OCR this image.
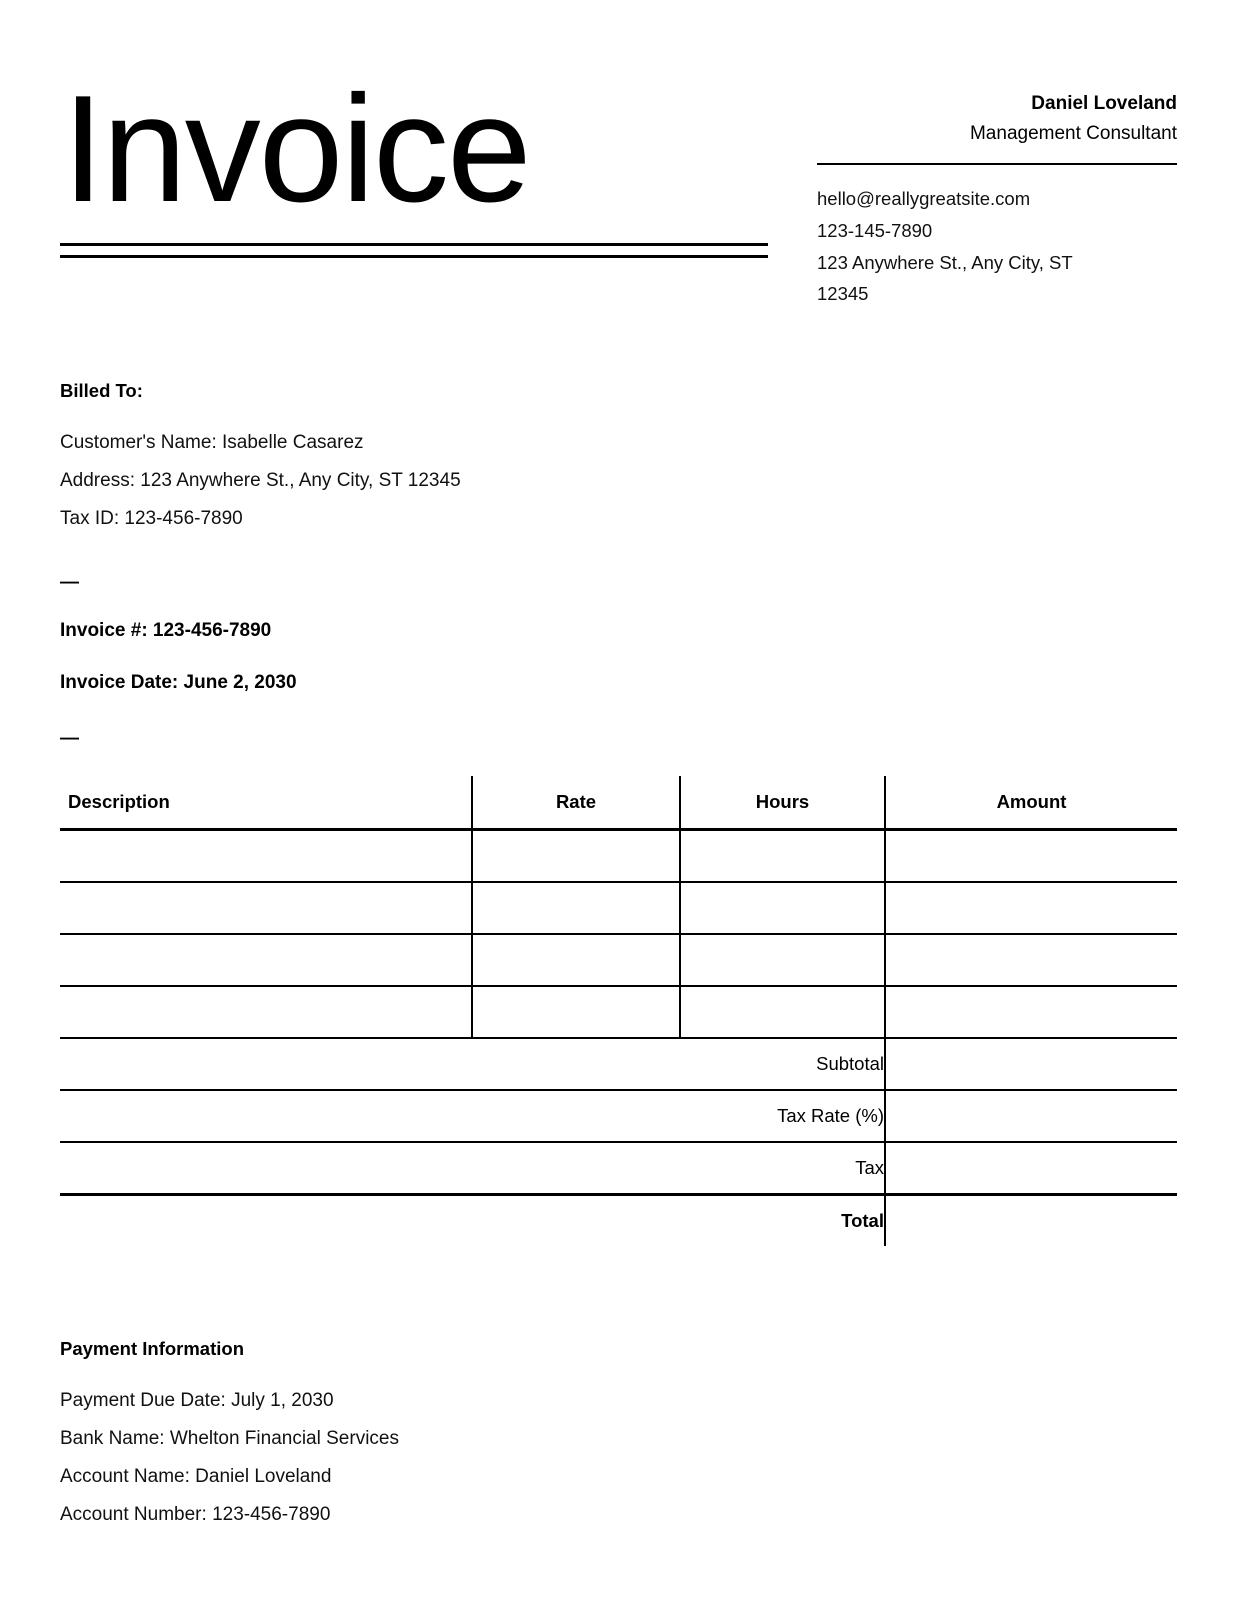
Invoice	Daniel Loveland
Management Consultant
hello@reallygreatsite.com
123-145-7890
123 Anywhere St., Any City, ST
12345
Billed To:
Customer's Name: Isabelle Casarez
Address: 123 Anywhere St., Any City, ST 12345
Tax ID: 123-456-7890
—
Invoice #: 123-456-7890
Invoice Date: June 2, 2030
—
Description	Rate	Hours	Amount

Subtotal			
Tax Rate (%)			
Tax			
Total			
Payment Information
Payment Due Date: July 1, 2030
Bank Name: Whelton Financial Services
Account Name: Daniel Loveland
Account Number: 123-456-7890
